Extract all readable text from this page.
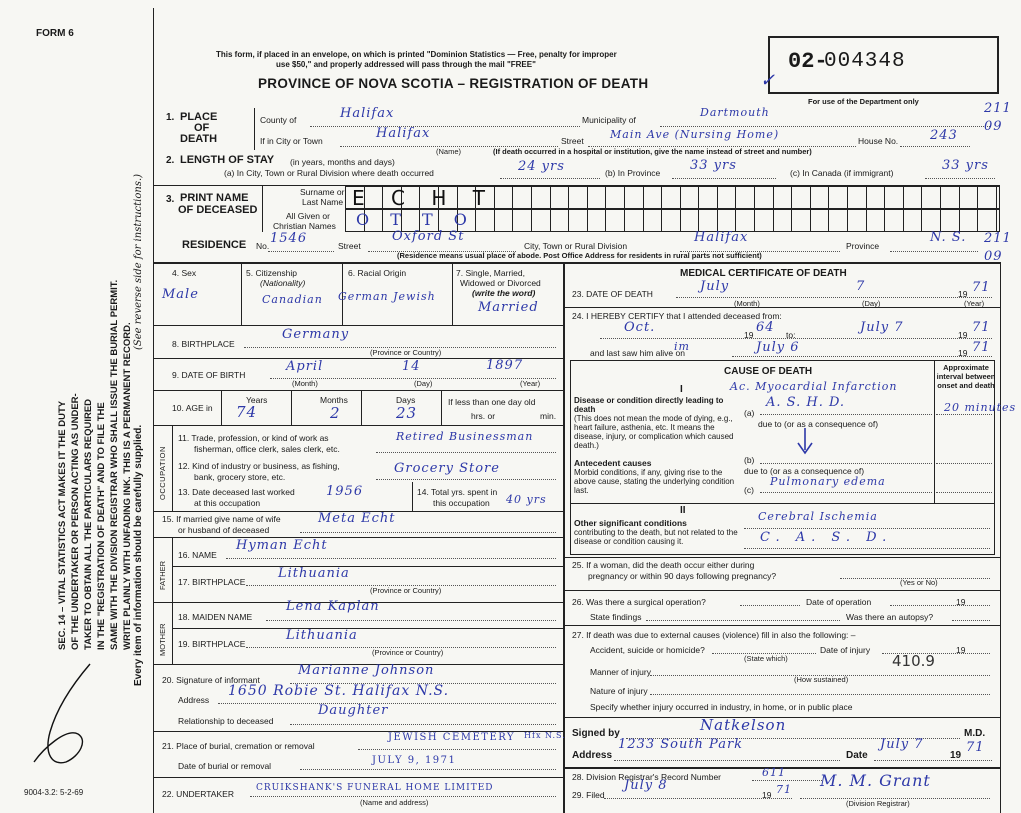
FORM 6
SEC. 14 – VITAL STATISTICS ACT MAKES IT THE DUTY OF THE UNDERTAKER OR PERSON ACTING AS UNDER- TAKER TO OBTAIN ALL THE PARTICULARS REQUIRED IN THE "REGISTRATION OF DEATH" AND TO FILE THE SAME WITH THE DIVISION REGISTRAR WHO SHALL ISSUE THE BURIAL PERMIT. WRITE PLAINLY WITH UNFADING INK. THIS IS A PERMANENT RECORD. Every item of information should be carefully supplied.
(See reverse side for instructions.)
9004-3.2: 5-2-69
This form, if placed in an envelope, on which is printed "Dominion Statistics — Free, penalty for improper
use $50," and properly addressed will pass through the mail "FREE"
PROVINCE OF NOVA SCOTIA – REGISTRATION OF DEATH
02-
004348
✓
For use of the Department only
1. PLACE
OF
DEATH
County of	Halifax	Municipality of
Dartmouth
If in City or Town	Halifax
(Name)
Street Main Ave (Nursing Home)	House No. 243
(If death occurred in a hospital or institution, give the name instead of street and number)
211 09
2. LENGTH OF STAY (in years, months and days)
(a) In City, Town or Rural Division where death occurred	24 yrs	(b) In Province 33 yrs	(c) In Canada (if immigrant)	33 yrs
3. PRINT NAME
OF DECEASED
Surname or
Last Name
All Given or
Christian Names
E C H T
O T T O
RESIDENCE No. 1546	Street
Oxford St
City, Town or Rural Division
Halifax
Province
N. S.
(Residence means usual place of abode. Post Office Address for residents in rural parts not sufficient)
211 09
4. Sex
Male
5. Citizenship
(Nationality)
Canadian
6. Racial Origin
German Jewish
7. Single, Married,
Widowed or Divorced
(write the word)
Married
8. BIRTHPLACE
Germany
(Province or Country)
9. DATE OF BIRTH
April	14	1897
(Month)	(Day)	(Year)
10. AGE in
Years	Months	Days
74	2	23
If less than one day old
hrs. or	min.
OCCUPATION
11. Trade, profession, or kind of work as
fisherman, office clerk, sales clerk, etc.
Retired Businessman
12. Kind of industry or business, as fishing,
bank, grocery store, etc.
Grocery Store
13. Date deceased last worked
at this occupation
1956	14. Total yrs. spent in
this occupation 40 yrs
15. If married give name of wife
or husband of deceased
Meta Echt
FATHER
16. NAME
Hyman Echt
17. BIRTHPLACE
Lithuania
(Province or Country)
MOTHER
18. MAIDEN NAME
Lena Kaplan
19. BIRTHPLACE
Lithuania
(Province or Country)
20. Signature of informant
Marianne Johnson
Address
1650 Robie St. Halifax N.S.
Relationship to deceased
Daughter
21. Place of burial, cremation or removal
JEWISH CEMETERY Hfx N.S.
Date of burial or removal	JULY 9, 1971
22. UNDERTAKER
CRUIKSHANK'S FUNERAL HOME LIMITED
(Name and address)
MEDICAL CERTIFICATE OF DEATH
23. DATE OF DEATH	July	7	19 71
(Month)	(Day)	(Year)
24. I HEREBY CERTIFY that I attended deceased from:
Oct.	19 64 to:	July 7	19 71
and last saw him alive on
im	July 6	19 71
CAUSE OF DEATH	Approximate interval between onset and death
I
Disease or condition directly leading to death
(This does not mean the mode of dying, e.g., heart failure, asthenia, etc. It means the disease, injury, or complication which caused death.)
(a)
Ac. Myocardial Infarction
A. S. H. D.	20 minutes
due to (or as a consequence of)
Antecedent causes
Morbid conditions, if any, giving rise to the above cause, stating the underlying condition last.
(b)
due to (or as a consequence of)
(c)
Pulmonary edema
II
Other significant conditions
contributing to the death, but not related to the disease or condition causing it.
Cerebral Ischemia
C. A. S. D.
25. If a woman, did the death occur either during
pregnancy or within 90 days following pregnancy?
(Yes or No)
26. Was there a surgical operation?	Date of operation	19
State findings	Was there an autopsy?
27. If death was due to external causes (violence) fill in also the following: –
Accident, suicide or homicide?	Date of injury	19
(State which)
Manner of injury
410.9
(How sustained)
Nature of injury
Specify whether injury occurred in industry, in home, or in public place
Signed by	Natkelson	M.D.
Address
1233 South Park
Date
July 7
19
71
28. Division Registrar's Record Number	611
29. Filed
July 8
19 71 M. M. Grant
(Division Registrar)
